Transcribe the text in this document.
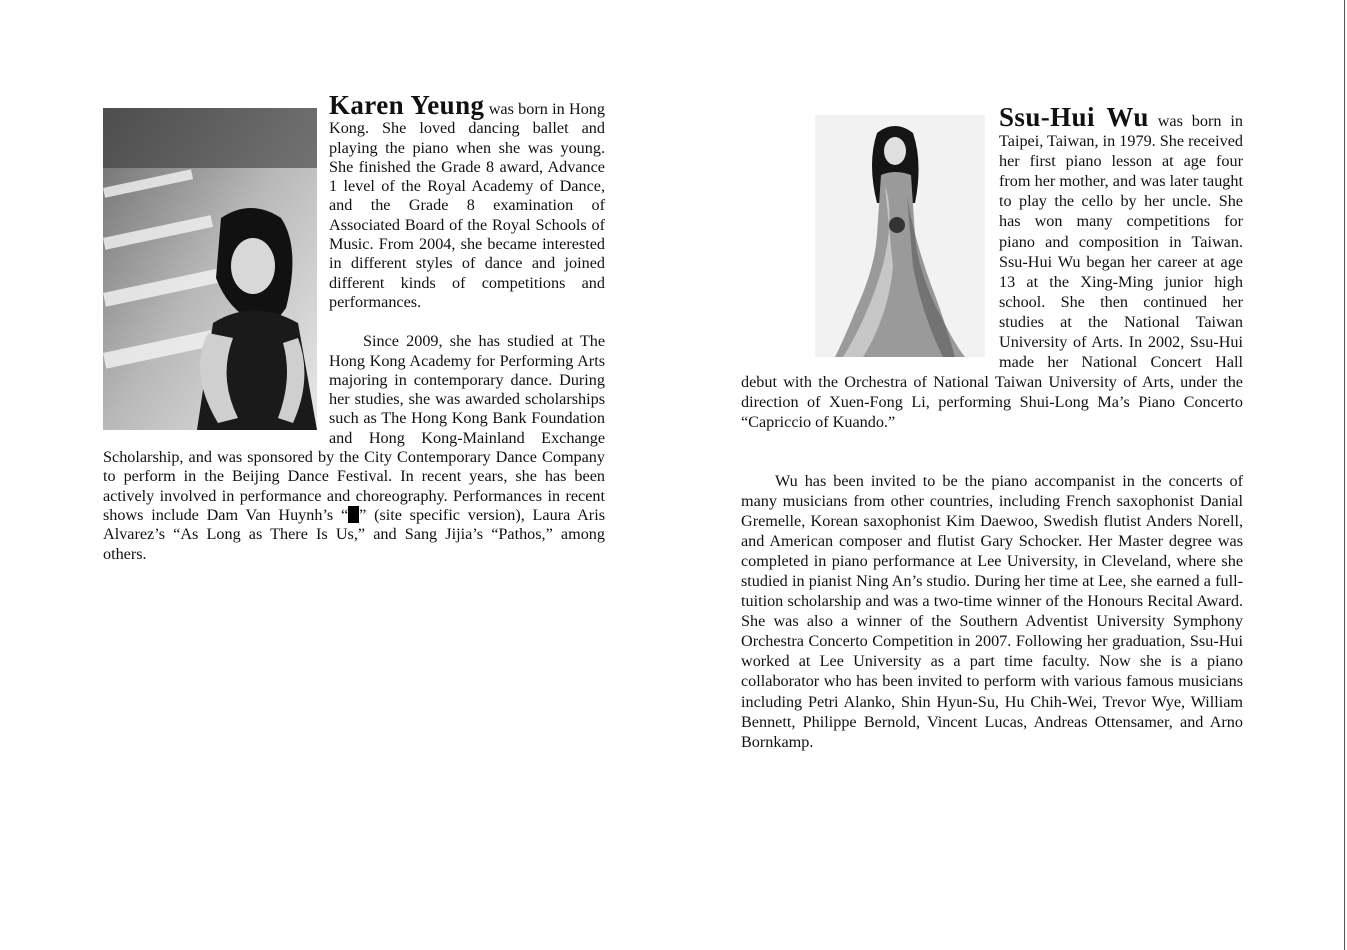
Karen Yeung was born in Hong Kong. She loved dancing ballet and playing the piano when she was young. She finished the Grade 8 award, Advance 1 level of the Royal Academy of Dance, and the Grade 8 examination of Associated Board of the Royal Schools of Music. From 2004, she became interested in different styles of dance and joined different kinds of competitions and performances.

Since 2009, she has studied at The Hong Kong Academy for Performing Arts majoring in contemporary dance. During her studies, she was awarded scholarships such as The Hong Kong Bank Foundation and Hong Kong-Mainland Exchange Scholarship, and was sponsored by the City Contemporary Dance Company to perform in the Beijing Dance Festival. In recent years, she has been actively involved in performance and choreography. Performances in recent shows include Dam Van Huynh’s “ ” (site specific version), Laura Aris Alvarez’s “As Long as There Is Us,” and Sang Jijia’s “Pathos,” among others.

Ssu-Hui Wu was born in Taipei, Taiwan, in 1979. She received her first piano lesson at age four from her mother, and was later taught to play the cello by her uncle. She has won many competitions for piano and composition in Taiwan. Ssu-Hui Wu began her career at age 13 at the Xing-Ming junior high school. She then continued her studies at the National Taiwan University of Arts. In 2002, Ssu-Hui made her National Concert Hall debut with the Orchestra of National Taiwan University of Arts, under the direction of Xuen-Fong Li, performing Shui-Long Ma’s Piano Concerto “Capriccio of Kuando.”

Wu has been invited to be the piano accompanist in the concerts of many musicians from other countries, including French saxophonist Danial Gremelle, Korean saxophonist Kim Daewoo, Swedish flutist Anders Norell, and American composer and flutist Gary Schocker. Her Master degree was completed in piano performance at Lee University, in Cleveland, where she studied in pianist Ning An’s studio. During her time at Lee, she earned a full-tuition scholarship and was a two-time winner of the Honours Recital Award. She was also a winner of the Southern Adventist University Symphony Orchestra Concerto Competition in 2007. Following her graduation, Ssu-Hui worked at Lee University as a part time faculty. Now she is a piano collaborator who has been invited to perform with various famous musicians including Petri Alanko, Shin Hyun-Su, Hu Chih-Wei, Trevor Wye, William Bennett, Philippe Bernold, Vincent Lucas, Andreas Ottensamer, and Arno Bornkamp.
